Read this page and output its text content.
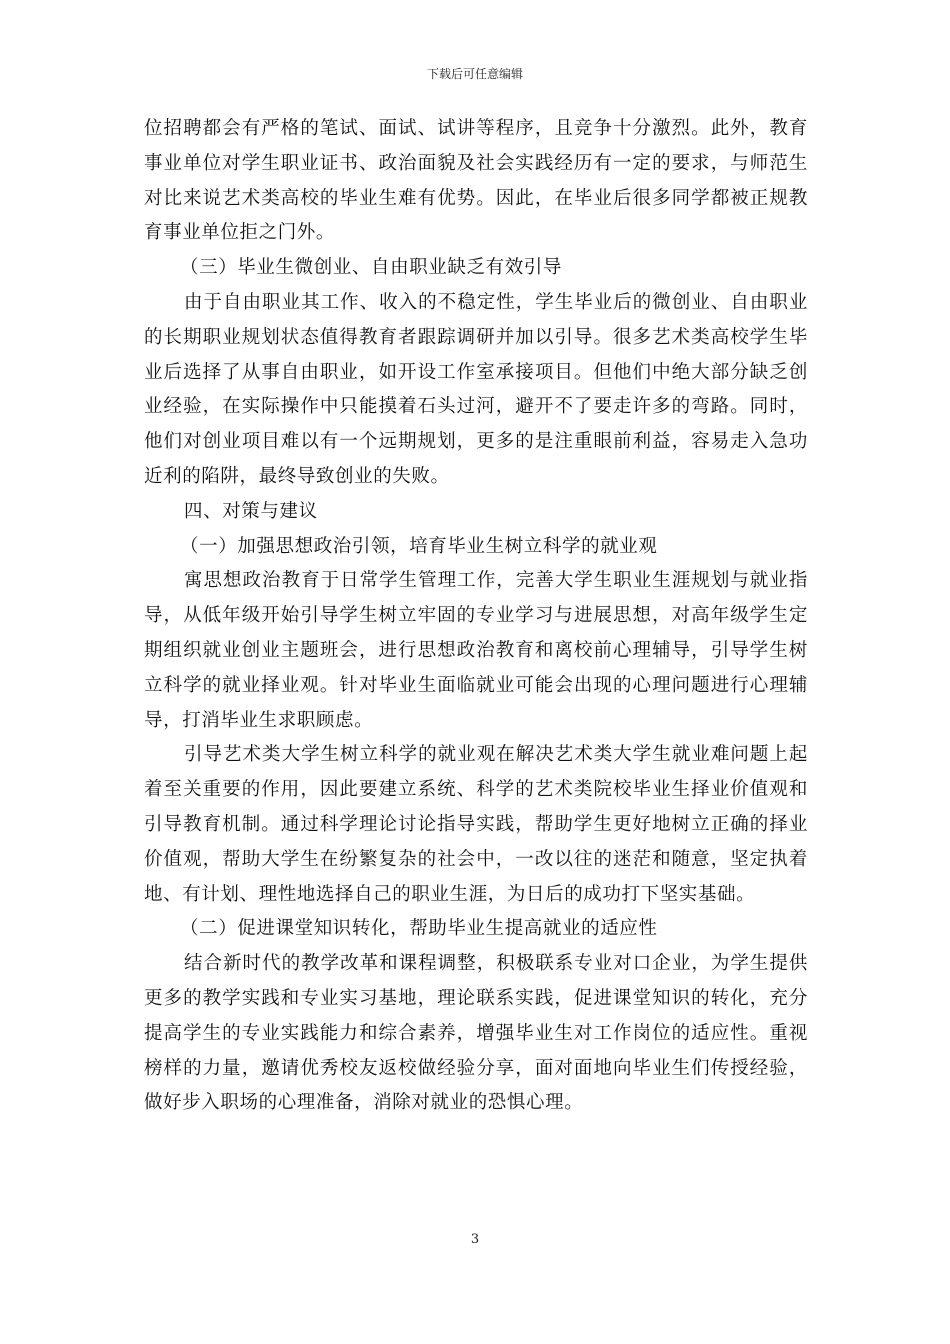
下载后可任意编辑

位招聘都会有严格的笔试、面试、试讲等程序，且竞争十分激烈。此外，教育事业单位对学生职业证书、政治面貌及社会实践经历有一定的要求，与师范生对比来说艺术类高校的毕业生难有优势。因此，在毕业后很多同学都被正规教育事业单位拒之门外。

（三）毕业生微创业、自由职业缺乏有效引导

由于自由职业其工作、收入的不稳定性，学生毕业后的微创业、自由职业的长期职业规划状态值得教育者跟踪调研并加以引导。很多艺术类高校学生毕业后选择了从事自由职业，如开设工作室承接项目。但他们中绝大部分缺乏创业经验，在实际操作中只能摸着石头过河，避开不了要走许多的弯路。同时，他们对创业项目难以有一个远期规划，更多的是注重眼前利益，容易走入急功近利的陷阱，最终导致创业的失败。

四、对策与建议

（一）加强思想政治引领，培育毕业生树立科学的就业观

寓思想政治教育于日常学生管理工作，完善大学生职业生涯规划与就业指导，从低年级开始引导学生树立牢固的专业学习与进展思想，对高年级学生定期组织就业创业主题班会，进行思想政治教育和离校前心理辅导，引导学生树立科学的就业择业观。针对毕业生面临就业可能会出现的心理问题进行心理辅导，打消毕业生求职顾虑。

引导艺术类大学生树立科学的就业观在解决艺术类大学生就业难问题上起着至关重要的作用，因此要建立系统、科学的艺术类院校毕业生择业价值观和引导教育机制。通过科学理论讨论指导实践，帮助学生更好地树立正确的择业价值观，帮助大学生在纷繁复杂的社会中，一改以往的迷茫和随意，坚定执着地、有计划、理性地选择自己的职业生涯，为日后的成功打下坚实基础。

（二）促进课堂知识转化，帮助毕业生提高就业的适应性

结合新时代的教学改革和课程调整，积极联系专业对口企业，为学生提供更多的教学实践和专业实习基地，理论联系实践，促进课堂知识的转化，充分提高学生的专业实践能力和综合素养，增强毕业生对工作岗位的适应性。重视榜样的力量，邀请优秀校友返校做经验分享，面对面地向毕业生们传授经验，做好步入职场的心理准备，消除对就业的恐惧心理。

3
